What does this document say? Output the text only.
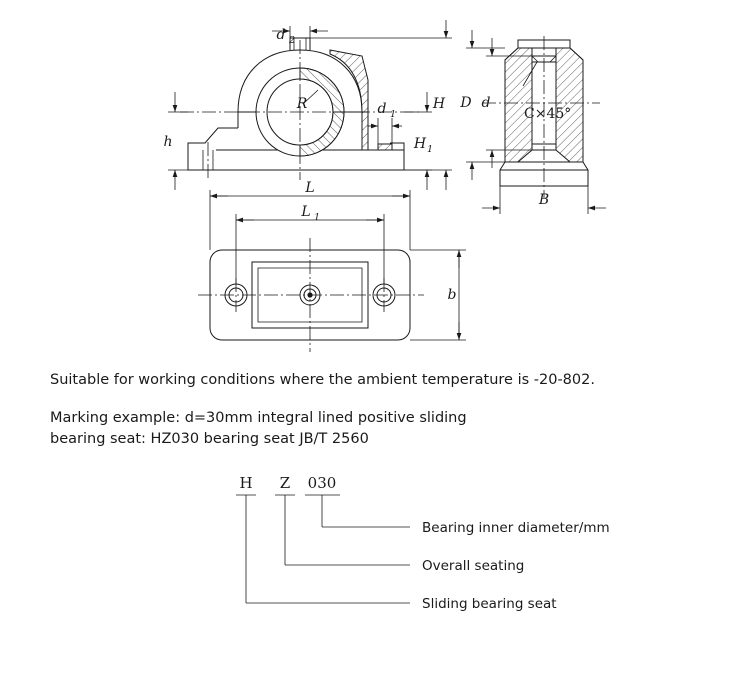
d 2
d 1
H 1
H
h
R	d
D
B
C×45°
L
L 1
b
Suitable for working conditions where the ambient temperature is -20-802.
Marking example: d=30mm integral lined positive sliding
bearing seat: HZ030 bearing seat JB/T 2560
H
Sliding bearing seat
Z
Overall seating
030
Bearing inner diameter/mm
